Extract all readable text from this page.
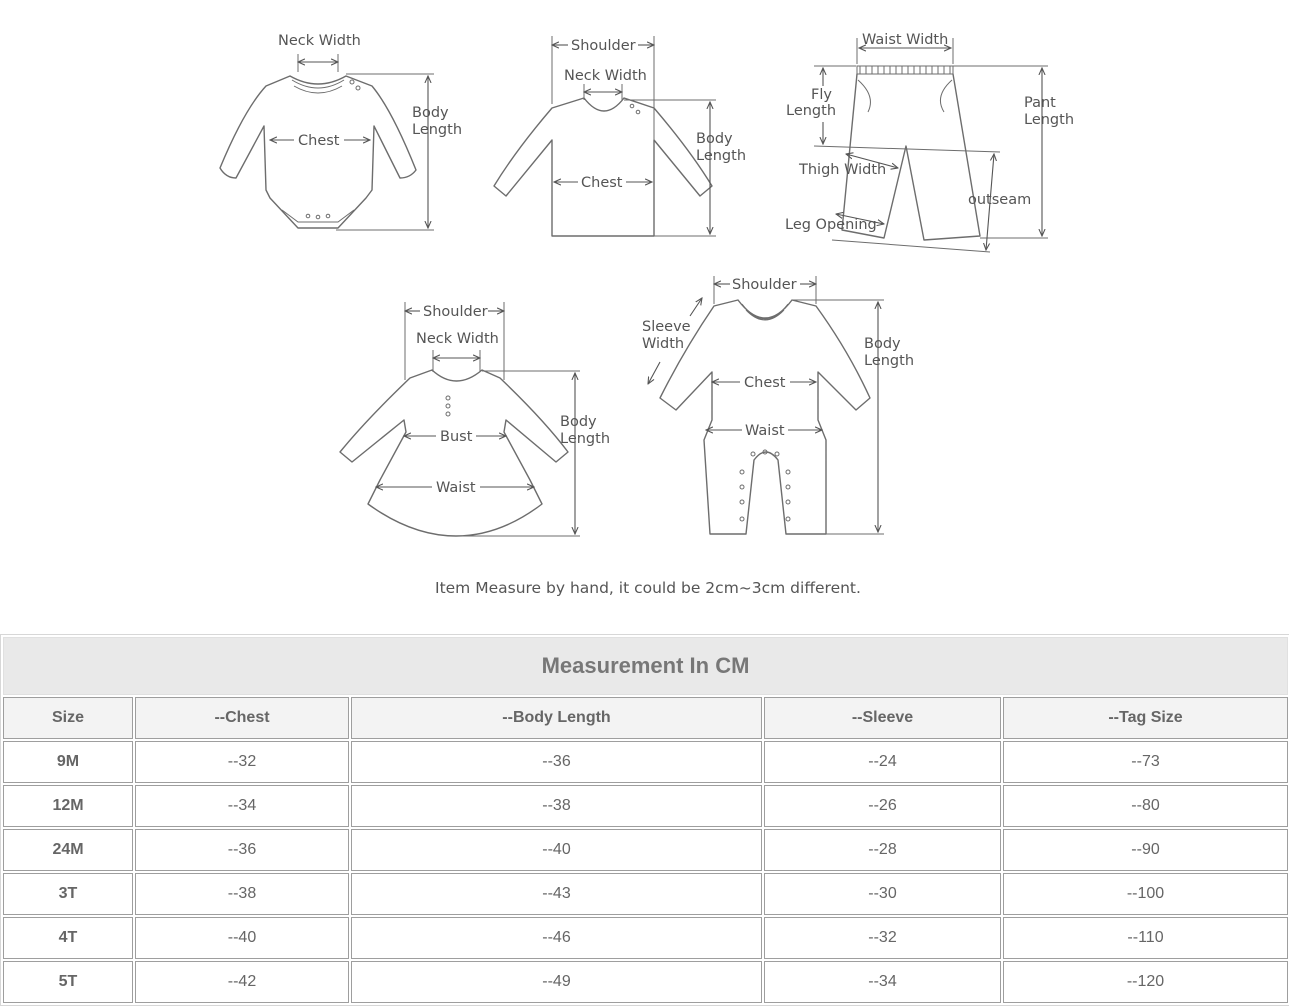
Neck Width
Chest
Body
Length
Shoulder
Neck Width
Chest
Body
Length
Waist Width
Fly
Length	Pant
Length
Thigh Width
Leg Opening
outseam
Shoulder
Neck Width
Bust
Waist
Body
Length
Shoulder
Sleeve
Width
Chest
Waist
Body
Length
Item Measure by hand, it could be 2cm~3cm different.
Measurement In CM				
Size	--Chest	--Body Length	--Sleeve	--Tag Size
9M	--32	--36	--24	--73
12M	--34	--38	--26	--80
24M	--36	--40	--28	--90
3T	--38	--43	--30	--100
4T	--40	--46	--32	--110
5T	--42	--49	--34	--120
